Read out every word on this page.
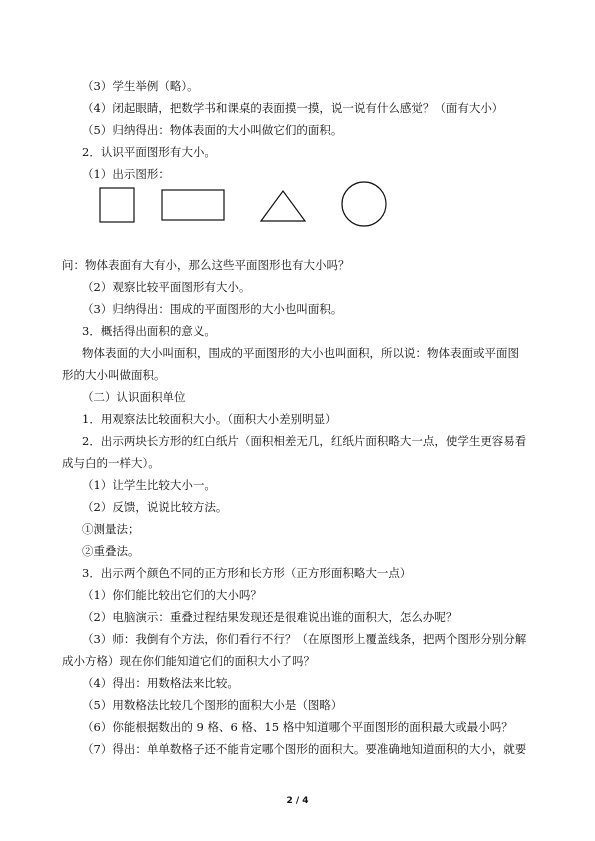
（3）学生举例（略）。
（4）闭起眼睛，把数学书和课桌的表面摸一摸，说一说有什么感觉？（面有大小）
（5）归纳得出：物体表面的大小叫做它们的面积。
2．认识平面图形有大小。
（1）出示图形：
问：物体表面有大有小，那么这些平面图形也有大小吗？
（2）观察比较平面图形有大小。
（3）归纳得出：围成的平面图形的大小也叫面积。
3．概括得出面积的意义。
物体表面的大小叫面积，围成的平面图形的大小也叫面积，所以说：物体表面或平面图
形的大小叫做面积。
（二）认识面积单位
1．用观察法比较面积大小。（面积大小差别明显）
2．出示两块长方形的红白纸片（面积相差无几，红纸片面积略大一点，使学生更容易看
成与白的一样大）。
（1）让学生比较大小一。
（2）反馈，说说比较方法。
①测量法；
②重叠法。
3．出示两个颜色不同的正方形和长方形（正方形面积略大一点）
（1）你们能比较出它们的大小吗？
（2）电脑演示：重叠过程结果发现还是很难说出谁的面积大，怎么办呢？
（3）师：我倒有个方法，你们看行不行？（在原图形上覆盖线条，把两个图形分别分解
成小方格）现在你们能知道它们的面积大小了吗？
（4）得出：用数格法来比较。
（5）用数格法比较几个图形的面积大小是（图略）
（6）你能根据数出的 9 格、6 格、15 格中知道哪个平面图形的面积最大或最小吗？
（7）得出：单单数格子还不能肯定哪个图形的面积大。要准确地知道面积的大小，就要
2 / 4
